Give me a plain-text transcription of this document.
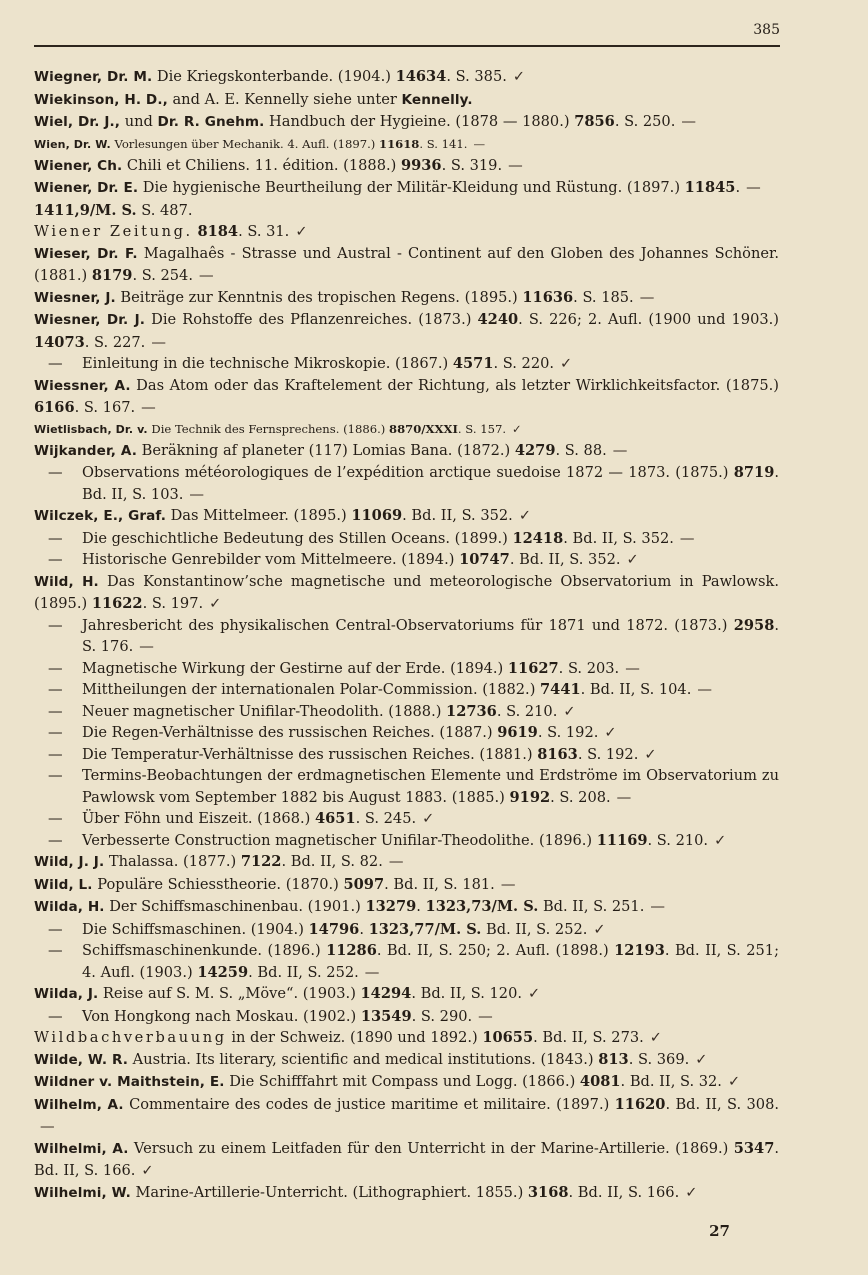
385
Wiegner, Dr. M. Die Kriegskonterbande. (1904.) 14634. S. 385. ✓
Wiekinson, H. D., and A. E. Kennelly siehe unter Kennelly.
Wiel, Dr. J., und Dr. R. Gnehm. Handbuch der Hygieine. (1878 — 1880.) 7856. S. 250. —
Wien, Dr. W. Vorlesungen über Mechanik. 4. Aufl. (1897.) 11618. S. 141. —
Wiener, Ch. Chili et Chiliens. 11. édition. (1888.) 9936. S. 319. —
Wiener, Dr. E. Die hygienische Beurtheilung der Militär-Kleidung und Rüstung. (1897.) 11845. —
1411,9/M. S. S. 487.
Wiener Zeitung. 8184. S. 31. ✓
Wieser, Dr. F. Magalhaês - Strasse und Austral - Continent auf den Globen des Johannes Schöner. (1881.) 8179. S. 254. —
Wiesner, J. Beiträge zur Kenntnis des tropischen Regens. (1895.) 11636. S. 185. —
Wiesner, Dr. J. Die Rohstoffe des Pflanzenreiches. (1873.) 4240. S. 226; 2. Aufl. (1900 und 1903.) 14073. S. 227. —
— Einleitung in die technische Mikroskopie. (1867.) 4571. S. 220. ✓
Wiessner, A. Das Atom oder das Kraftelement der Richtung, als letzter Wirklichkeitsfactor. (1875.) 6166. S. 167. —
Wietlisbach, Dr. v. Die Technik des Fernsprechens. (1886.) 8870/XXXI. S. 157. ✓
Wijkander, A. Beräkning af planeter (117) Lomias Bana. (1872.) 4279. S. 88. —
— Observations météorologiques de l’expédition arctique suedoise 1872 — 1873. (1875.) 8719. Bd. II, S. 103. —
Wilczek, E., Graf. Das Mittelmeer. (1895.) 11069. Bd. II, S. 352. ✓
— Die geschichtliche Bedeutung des Stillen Oceans. (1899.) 12418. Bd. II, S. 352. —
— Historische Genrebilder vom Mittelmeere. (1894.) 10747. Bd. II, S. 352. ✓
Wild, H. Das Konstantinow’sche magnetische und meteorologische Observatorium in Pawlowsk. (1895.) 11622. S. 197. ✓
— Jahresbericht des physikalischen Central-Observatoriums für 1871 und 1872. (1873.) 2958. S. 176. —
— Magnetische Wirkung der Gestirne auf der Erde. (1894.) 11627. S. 203. —
— Mittheilungen der internationalen Polar-Commission. (1882.) 7441. Bd. II, S. 104. —
— Neuer magnetischer Unifilar-Theodolith. (1888.) 12736. S. 210. ✓
— Die Regen-Verhältnisse des russischen Reiches. (1887.) 9619. S. 192. ✓
— Die Temperatur-Verhältnisse des russischen Reiches. (1881.) 8163. S. 192. ✓
— Termins-Beobachtungen der erdmagnetischen Elemente und Erdströme im Observatorium zu Pawlowsk vom September 1882 bis August 1883. (1885.) 9192. S. 208. —
— Über Föhn und Eiszeit. (1868.) 4651. S. 245. ✓
— Verbesserte Construction magnetischer Unifilar-Theodolithe. (1896.) 11169. S. 210. ✓
Wild, J. J. Thalassa. (1877.) 7122. Bd. II, S. 82. —
Wild, L. Populäre Schiesstheorie. (1870.) 5097. Bd. II, S. 181. —
Wilda, H. Der Schiffsmaschinenbau. (1901.) 13279. 1323,73/M. S. Bd. II, S. 251. —
— Die Schiffsmaschinen. (1904.) 14796. 1323,77/M. S. Bd. II, S. 252. ✓
— Schiffsmaschinenkunde. (1896.) 11286. Bd. II, S. 250; 2. Aufl. (1898.) 12193. Bd. II, S. 251; 4. Aufl. (1903.) 14259. Bd. II, S. 252. —
Wilda, J. Reise auf S. M. S. „Möve“. (1903.) 14294. Bd. II, S. 120. ✓
— Von Hongkong nach Moskau. (1902.) 13549. S. 290. —
Wildbachverbauung in der Schweiz. (1890 und 1892.) 10655. Bd. II, S. 273. ✓
Wilde, W. R. Austria. Its literary, scientific and medical institutions. (1843.) 813. S. 369. ✓
Wildner v. Maithstein, E. Die Schifffahrt mit Compass und Logg. (1866.) 4081. Bd. II, S. 32. ✓
Wilhelm, A. Commentaire des codes de justice maritime et militaire. (1897.) 11620. Bd. II, S. 308.—
Wilhelmi, A. Versuch zu einem Leitfaden für den Unterricht in der Marine-Artillerie. (1869.) 5347. Bd. II, S. 166. ✓
Wilhelmi, W. Marine-Artillerie-Unterricht. (Lithographiert. 1855.) 3168. Bd. II, S. 166. ✓
27
